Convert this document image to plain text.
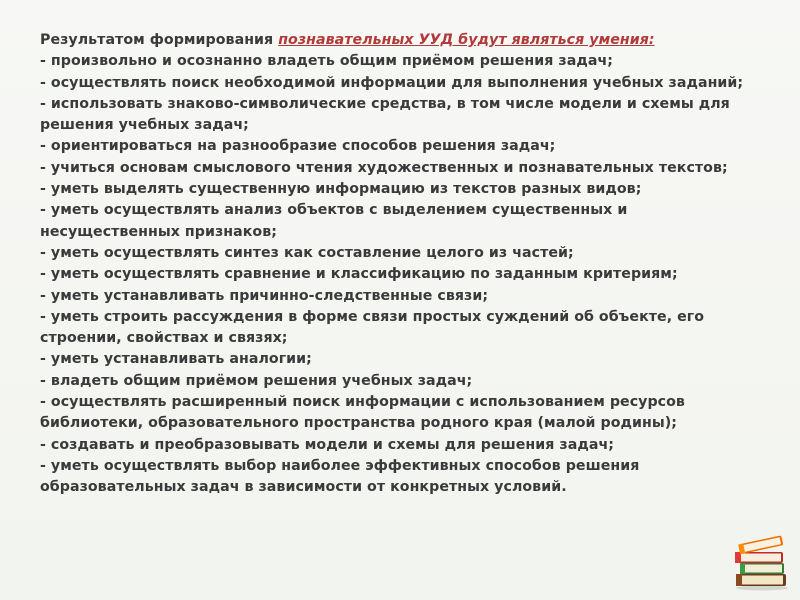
Результатом формирования познавательных УУД будут являться умения:
- произвольно и осознанно владеть общим приёмом решения задач;
- осуществлять поиск необходимой информации для выполнения учебных заданий;
- использовать знаково-символические средства, в том числе модели и схемы для решения учебных задач;
- ориентироваться на разнообразие способов решения задач;
- учиться основам смыслового чтения художественных и познавательных текстов;
- уметь выделять существенную информацию из текстов разных видов;
- уметь осуществлять анализ объектов с выделением существенных и несущественных признаков;
- уметь осуществлять синтез как составление целого из частей;
- уметь осуществлять сравнение и классификацию по заданным критериям;
- уметь устанавливать причинно-следственные связи;
- уметь строить рассуждения в форме связи простых суждений об объекте, его строении, свойствах и связях;
- уметь устанавливать аналогии;
- владеть общим приёмом решения учебных задач;
- осуществлять расширенный поиск информации с использованием ресурсов библиотеки, образовательного пространства родного края (малой родины);
- создавать и преобразовывать модели и схемы для решения задач;
- уметь осуществлять выбор наиболее эффективных способов решения образовательных задач в зависимости от конкретных условий.
